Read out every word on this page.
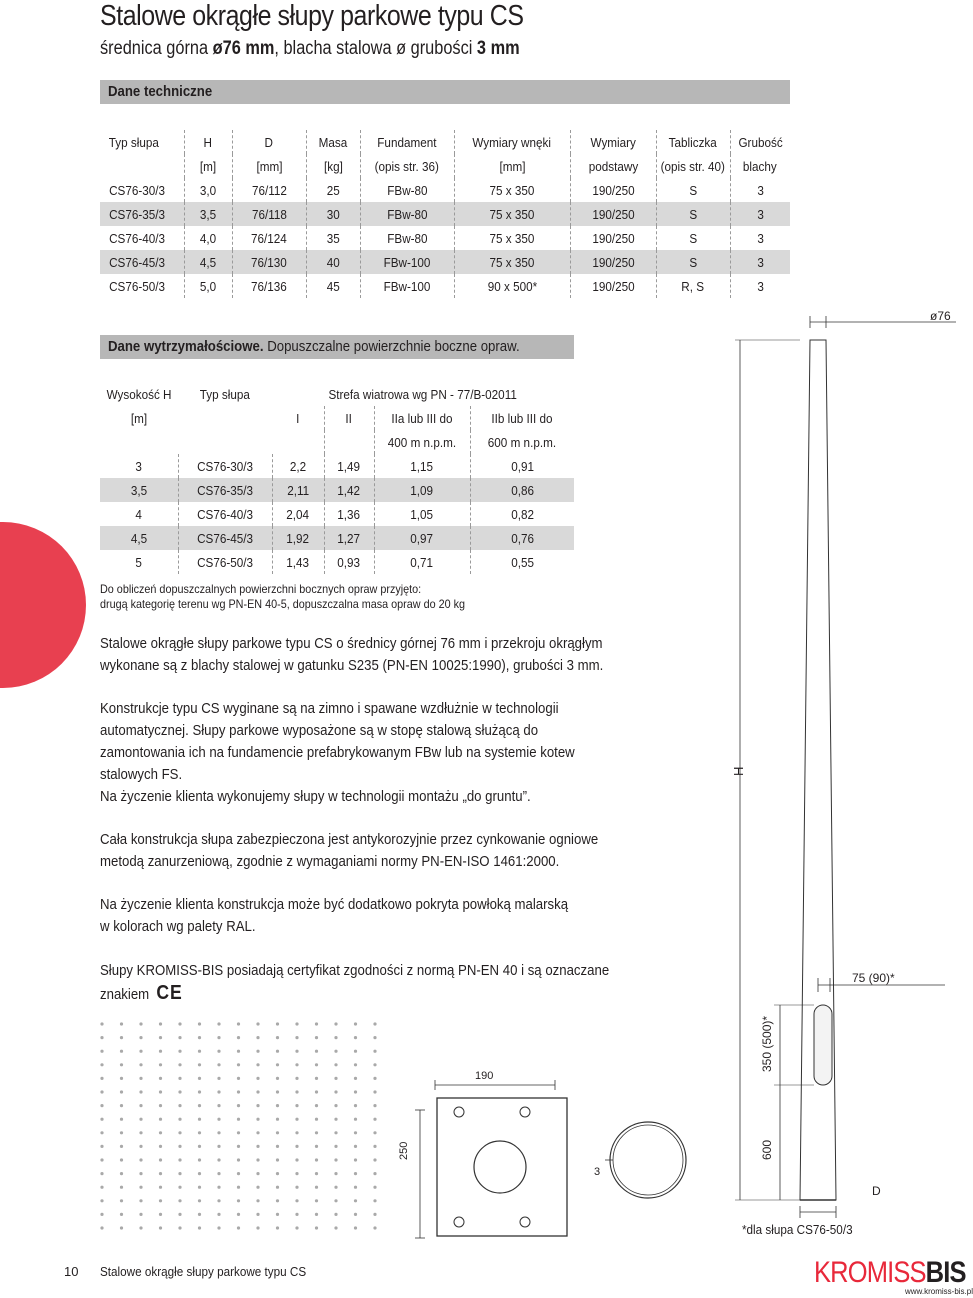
Stalowe okrągłe słupy parkowe typu CS
średnica górna ø76 mm, blacha stalowa ø grubości 3 mm
Dane techniczne
Typ słupa	H	D	Masa	Fundament	Wymiary wnęki	Wymiary	Tabliczka	Grubość
	[m]	[mm]	[kg]	(opis str. 36)	[mm]	podstawy	(opis str. 40)	blachy
CS76-30/3	3,0	76/112	25	FBw-80	75 x 350	190/250	S	3
CS76-35/3	3,5	76/118	30	FBw-80	75 x 350	190/250	S	3
CS76-40/3	4,0	76/124	35	FBw-80	75 x 350	190/250	S	3
CS76-45/3	4,5	76/130	40	FBw-100	75 x 350	190/250	S	3
CS76-50/3	5,0	76/136	45	FBw-100	90 x 500*	190/250	R, S	3
Dane wytrzymałościowe. Dopuszczalne powierzchnie boczne opraw.
Wysokość H	Typ słupa	Strefa wiatrowa wg PN - 77/B-02011			
[m]		I	II	IIa lub III do	IIb lub III do
				400 m n.p.m.	600 m n.p.m.
3	CS76-30/3	2,2	1,49	1,15	0,91
3,5	CS76-35/3	2,11	1,42	1,09	0,86
4	CS76-40/3	2,04	1,36	1,05	0,82
4,5	CS76-45/3	1,92	1,27	0,97	0,76
5	CS76-50/3	1,43	0,93	0,71	0,55
Do obliczeń dopuszczalnych powierzchni bocznych opraw przyjęto:
drugą kategorię terenu wg PN-EN 40-5, dopuszczalna masa opraw do 20 kg
Stalowe okrągłe słupy parkowe typu CS o średnicy górnej 76 mm i przekroju okrągłym
wykonane są z blachy stalowej w gatunku S235 (PN-EN 10025:1990), grubości 3 mm.
Konstrukcje typu CS wyginane są na zimno i spawane wzdłużnie w technologii
automatycznej. Słupy parkowe wyposażone są w stopę stalową służącą do
zamontowania ich na fundamencie prefabrykowanym FBw lub na systemie kotew
stalowych FS.
Na życzenie klienta wykonujemy słupy w technologii montażu „do gruntu”.
Cała konstrukcja słupa zabezpieczona jest antykorozyjnie przez cynkowanie ogniowe
metodą zanurzeniową, zgodnie z wymaganiami normy PN-EN-ISO 1461:2000.
Na życzenie klienta konstrukcja może być dodatkowo pokryta powłoką malarską
w kolorach wg palety RAL.
Słupy KROMISS-BIS posiadają certyfikat zgodności z normą PN-EN 40 i są oznaczane
znakiem CE
190
250
3
ø76
H
75 (90)*
350 (500)*
600
D
*dla słupa CS76-50/3
10 Stalowe okrągłe słupy parkowe typu CS	KROMISSBIS
www.kromiss-bis.pl
